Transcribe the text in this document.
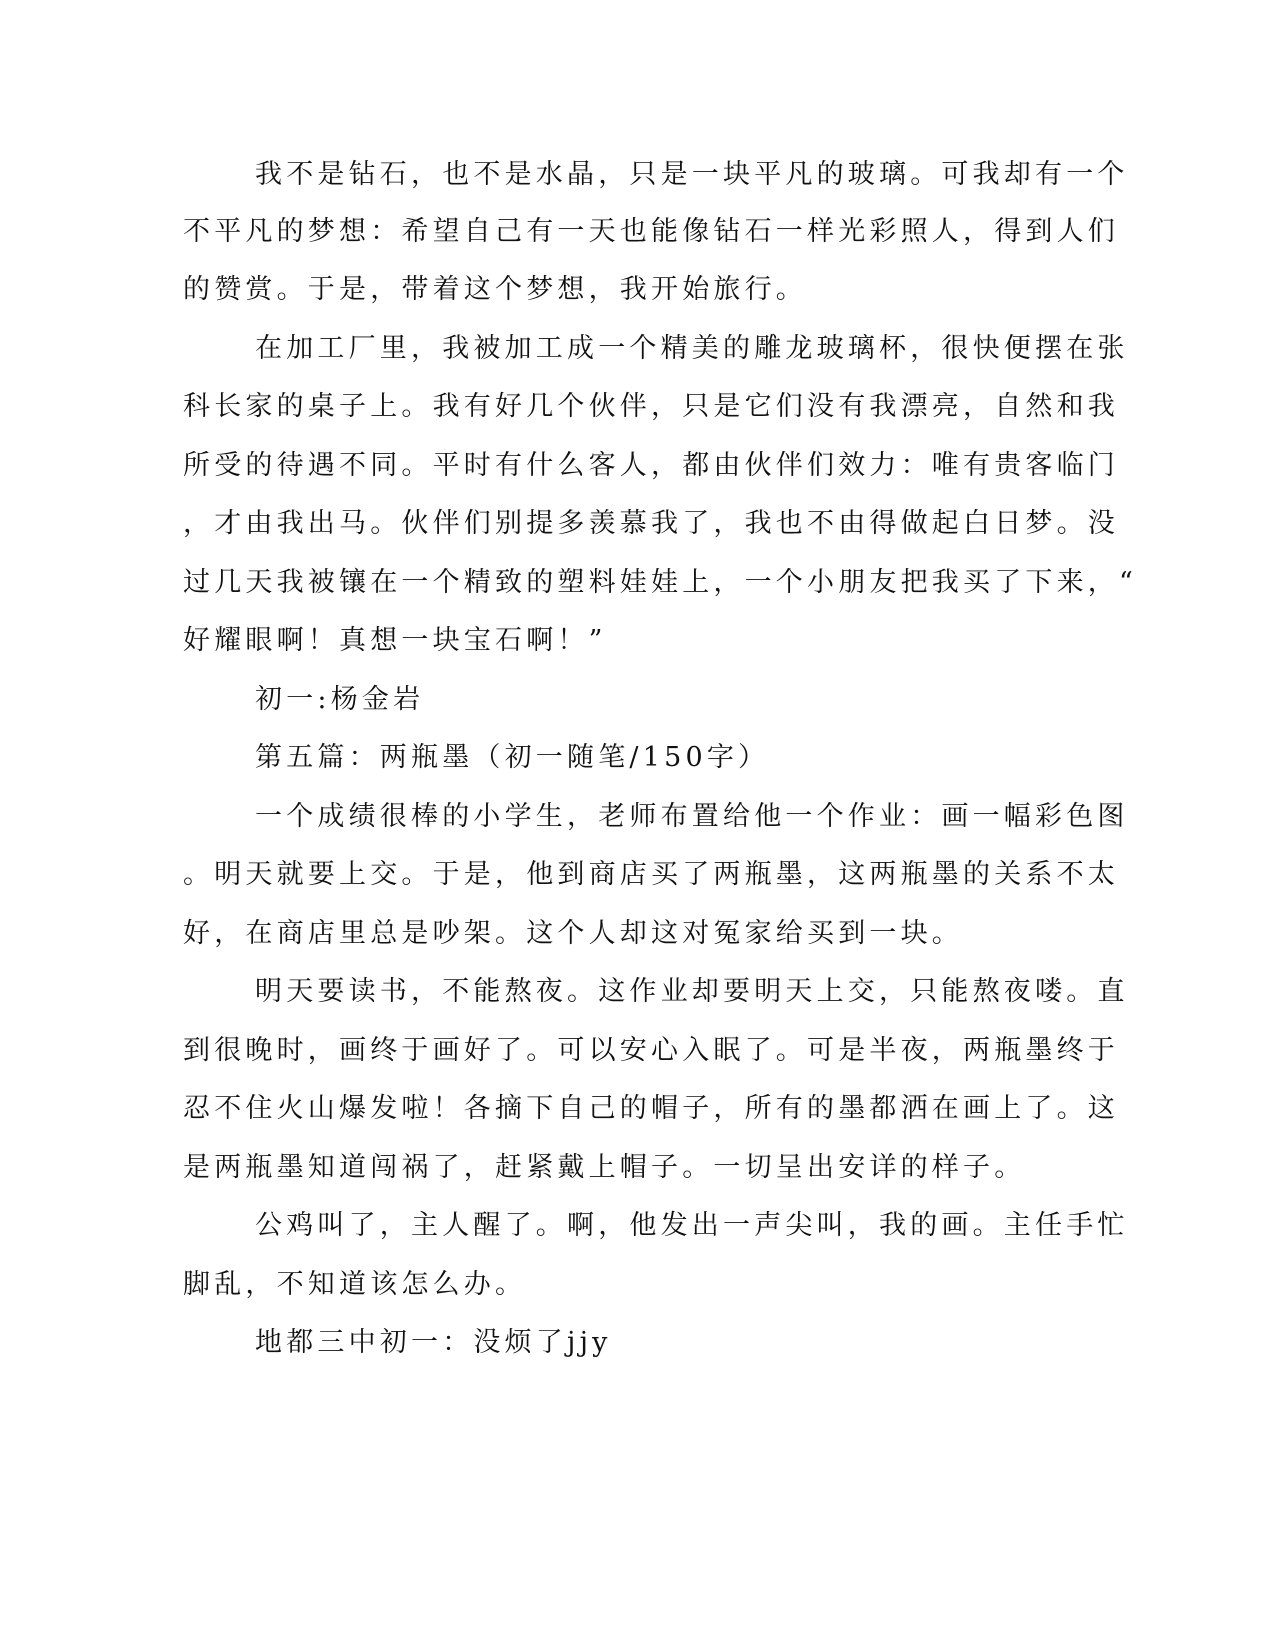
我不是钻石，也不是水晶，只是一块平凡的玻璃。可我却有一个
不平凡的梦想：希望自己有一天也能像钻石一样光彩照人，得到人们
的赞赏。于是，带着这个梦想，我开始旅行。
在加工厂里，我被加工成一个精美的雕龙玻璃杯，很快便摆在张
科长家的桌子上。我有好几个伙伴，只是它们没有我漂亮，自然和我
所受的待遇不同。平时有什么客人，都由伙伴们效力：唯有贵客临门
，才由我出马。伙伴们别提多羡慕我了，我也不由得做起白日梦。没
过几天我被镶在一个精致的塑料娃娃上，一个小朋友把我买了下来，“
好耀眼啊！真想一块宝石啊！”
初一:杨金岩
第五篇：两瓶墨（初一随笔/150字）
一个成绩很棒的小学生，老师布置给他一个作业：画一幅彩色图
。明天就要上交。于是，他到商店买了两瓶墨，这两瓶墨的关系不太
好，在商店里总是吵架。这个人却这对冤家给买到一块。
明天要读书，不能熬夜。这作业却要明天上交，只能熬夜喽。直
到很晚时，画终于画好了。可以安心入眠了。可是半夜，两瓶墨终于
忍不住火山爆发啦！各摘下自己的帽子，所有的墨都洒在画上了。这
是两瓶墨知道闯祸了，赶紧戴上帽子。一切呈出安详的样子。
公鸡叫了，主人醒了。啊，他发出一声尖叫，我的画。主任手忙
脚乱，不知道该怎么办。
地都三中初一：没烦了jjy
